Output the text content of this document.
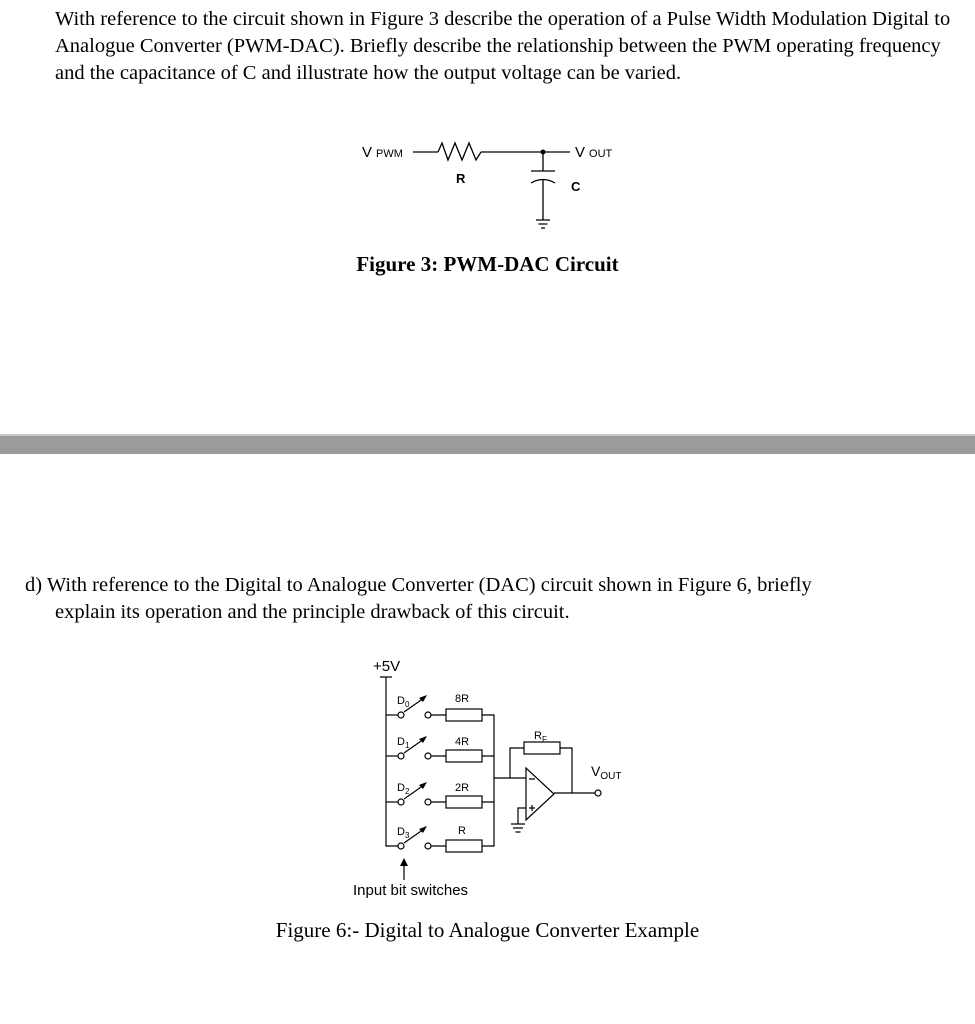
With reference to the circuit shown in Figure 3 describe the operation of a Pulse Width Modulation Digital to Analogue Converter (PWM-DAC). Briefly describe the relationship between the PWM operating frequency and the capacitance of C and illustrate how the output voltage can be varied.
V PWM	V OUT
R
C
Figure 3: PWM-DAC Circuit
d) With reference to the Digital to Analogue Converter (DAC) circuit shown in Figure 6, briefly
explain its operation and the principle drawback of this circuit.
+5V
$D_0$
$D_1$
$D_2$
$D_3$
8R
4R
2R
R
$R_F$
$V_{OUT}$
Input bit switches
Figure 6:- Digital to Analogue Converter Example
